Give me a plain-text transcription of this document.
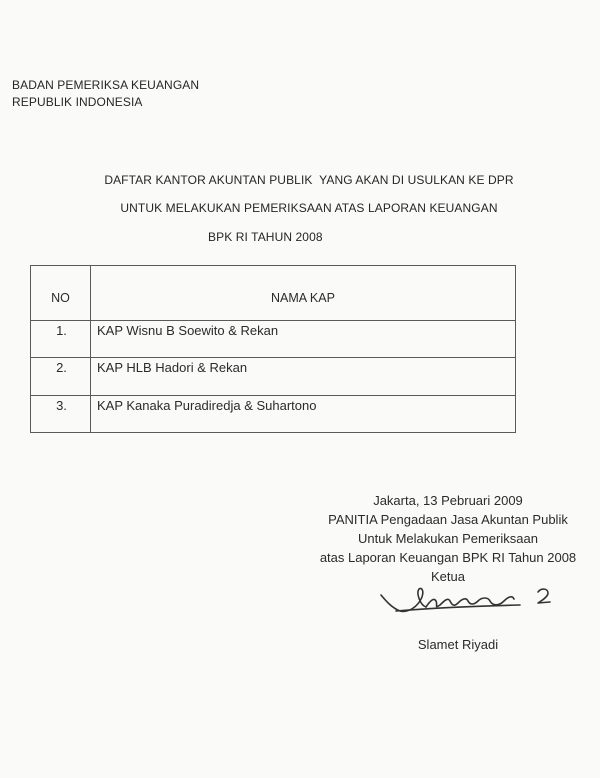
BADAN PEMERIKSA KEUANGAN
REPUBLIK INDONESIA
DAFTAR KANTOR AKUNTAN PUBLIK  YANG AKAN DI USULKAN KE DPR
UNTUK MELAKUKAN PEMERIKSAAN ATAS LAPORAN KEUANGAN
BPK RI TAHUN 2008
NO	NAMA KAP
1.	KAP Wisnu B Soewito & Rekan
2.	KAP HLB Hadori & Rekan
3.	KAP Kanaka Puradiredja & Suhartono
Jakarta, 13 Pebruari 2009
PANITIA Pengadaan Jasa Akuntan Publik
Untuk Melakukan Pemeriksaan
atas Laporan Keuangan BPK RI Tahun 2008
Ketua
Slamet Riyadi
